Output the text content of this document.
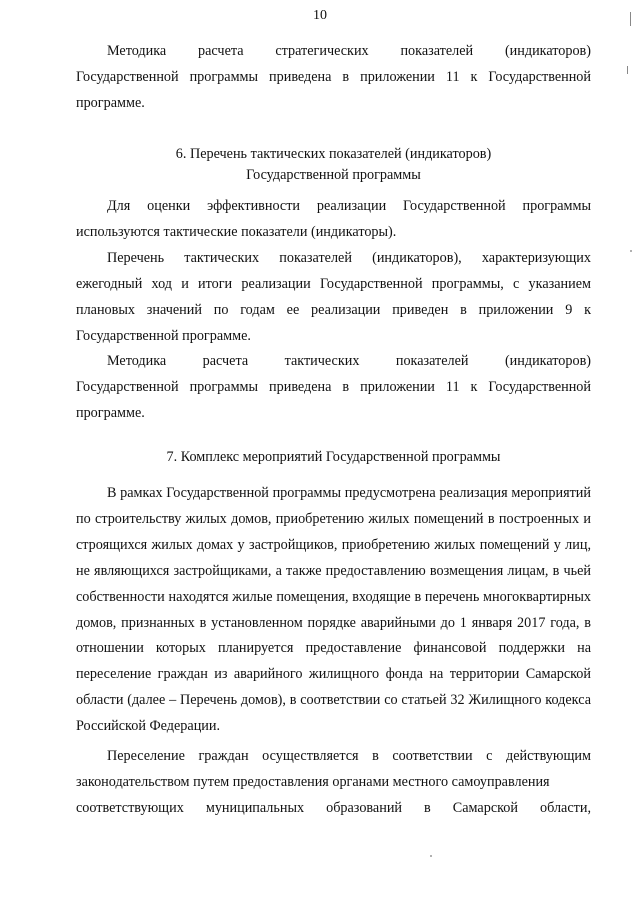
10
Методика расчета стратегических показателей (индикаторов)

Государственной программы приведена в приложении 11 к Государственной программе.

6. Перечень тактических показателей (индикаторов)
Государственной программы

Для оценки эффективности реализации Государственной программы используются тактические показатели (индикаторы).

Перечень тактических показателей (индикаторов), характеризующих ежегодный ход и итоги реализации Государственной программы, с указанием плановых значений по годам ее реализации приведен в приложении 9 к Государственной программе.

Методика расчета тактических показателей (индикаторов)

Государственной программы приведена в приложении 11 к Государственной программе.

7. Комплекс мероприятий Государственной программы

В рамках Государственной программы предусмотрена реализация мероприятий по строительству жилых домов, приобретению жилых помещений в построенных и строящихся жилых домах у застройщиков, приобретению жилых помещений у лиц, не являющихся застройщиками, а также предоставлению возмещения лицам, в чьей собственности находятся жилые помещения, входящие в перечень многоквартирных домов, признанных в установленном порядке аварийными до 1 января 2017 года, в отношении которых планируется предоставление финансовой поддержки на переселение граждан из аварийного жилищного фонда на территории Самарской области (далее – Перечень домов), в соответствии со статьей 32 Жилищного кодекса Российской Федерации.

Переселение граждан осуществляется в соответствии с действующим законодательством путем предоставления органами местного самоуправления

соответствующих муниципальных образований в Самарской области,
